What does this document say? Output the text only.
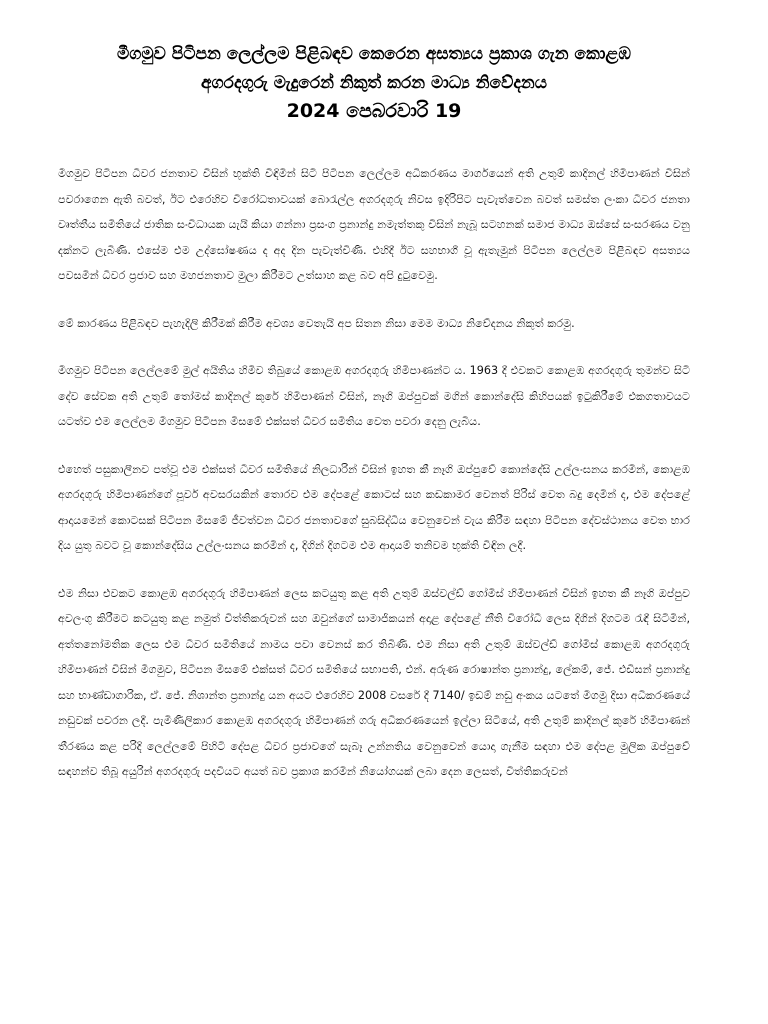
මීගමුව පිටිපන ලෙල්ලම පිළිබඳව කෙරෙන අසත්‍යය ප්‍රකාශ ගැන කොළඹ
අගරදගුරු මැදුරෙන් නිකුත් කරන මාධ්‍ය නිවේදනය
2024 පෙබරවාරි 19

මීගමුව පිටිපන ධීවර ජනතාව විසින් භුක්ති විඳිමින් සිටි පිටිපන ලෙල්ලම අධිකරණය මාර්ගයෙන් අති උතුම් කාදිනල් හිමිපාණන් විසින් පවරාගෙන ඇති බවත්, ඊට එරෙහිව විරෝධතාවයක් බොරැල්ල අගරදගුරු නිවස ඉදිරිපිට පැවැත්වෙන බවත් සමස්ත ලංකා ධීවර ජනතා වෘත්තීය සමිතියේ ජාතික සංවිධායක යැයි කියා ගන්නා ප්‍රසංග ප්‍රනාන්දු නමැත්තකු විසින් නැබූ සටහනක් සමාජ මාධ්‍ය ඔස්සේ සංසරණය වනු දක්නට ලැබිණි. එසේම එම උද්ඝෝෂණය ද අද දින පැවැත්විණි. එහිදී ඊට සහභාගී වූ ඇතැමුන් පිටිපන ලෙල්ලම පිළිබඳව අසත්‍යය පවසමින් ධීවර ප්‍රජාව සහ මහජනතාව මුලා කිරීමට උත්සාහ කළ බව අපි දුටුවෙමු.

මේ කාරණය පිළිබඳව පැහැදිලි කිරීමක් කිරීම අවශ්‍ය වෙතැයි අප සිතන නිසා මෙම මාධ්‍ය නිවේදනය නිකුත් කරමු.

මීගමුව පිටිපන ලෙල්ලමේ මුල් අයිතිය හිමිව තිබුයේ කොළඹ අගරදගුරු හිමිපාණන්ට ය. 1963 දී එවකට කොළඹ අගරදගුරු තුමන්ව සිටි දේව සේවක අති උතුම් තෝමස් කාදිනල් කුරේ හිමිපාණන් විසින්, නෑගි ඔප්පුවක් මගින් කොන්දේසි කිහිපයක් ඉටුකිරීමේ එකගතාවයට යටත්ව එම ලෙල්ලම මීගමුව පිටිපන මීසමේ එක්සත් ධීවර සමිතිය වෙත පවරා දෙනු ලැබිය.

එහෙත් පසුකාලීනව පත්වූ එම එක්සත් ධීවර සමිතියේ නිලධාරින් විසින් ඉහත කී නෑගි ඔප්පුවේ කොන්දේසි උල්ලංඝනය කරමින්, කොළඹ අගරදගුරු හිමිපාණන්ගේ පූර්ව අවසරයකින් තොරව එම දේපළේ කොටස් සහ කඩකාමර වෙනත් පිරිස් වෙත බදු දෙමින් ද, එම දේපළේ ආදායමෙන් කොටසක් පිටිපන මීසමේ ජීවත්වන ධීවර ජනතාවගේ සුබසිද්ධිය වෙනුවෙන් වැය කිරීම සඳහා පිටිපන දේවස්ථානය වෙත භාර දිය යුතු බවට වූ කොන්දේසිය උල්ලංඝනය කරමින් ද, දිගින් දිගටම එම ආදායම් තනිවම භුක්ති විඳින ලදී.

එම නිසා එවකට කොළඹ අගරදගුරු හිමිපාණන් ලෙස කටයුතු කළ අති උතුම් ඔස්වල්ඩ් ගෝමිස් හිමිපාණන් විසින් ඉහත කී නෑගි ඔප්පුව අවලංගු කිරීමට කටයුතු කළ නමුත් විත්තිකරුවන් සහ ඔවුන්ගේ සාමාජිකයන් අදාළ දේපළේ නීති විරෝධී ලෙස දිගින් දිගටම රැඳී සිටිමින්, අත්තනෝමතික ලෙස එම ධීවර සමිතියේ නාමය පවා වෙනස් කර තිබිණි. එම නිසා අති උතුම් ඔස්වල්ඩ් ගෝමිස් කොළඹ අගරදගුරු හිමිපාණන් විසින් මීගමුව, පිටිපන මීසමේ එක්සත් ධීවර සමිතියේ සභාපති, එන්. අරුණ රොෂාන්ත ප්‍රනාන්දු, ලේකම්, ජේ. එඩිසන් ප්‍රනාන්දු සහ භාණ්ඩාගාරික, ඒ. ජේ. නිශාන්ත ප්‍රනාන්දු යන අයට එරෙහිව 2008 වසරේ දී 7140/ ඉඩම් නඩු අංකය යටතේ මීගමු දිසා අධිකරණයේ නඩුවක් පවරන ලදී. පැමිණිලිකාර කොළඹ අගරදගුරු හිමිපාණන් ගරු අධිකරණයෙන් ඉල්ලා සිටියේ, අති උතුම් කාදිනල් කුරේ හිමිපාණන් තීරණය කළ පරිදි ලෙල්ලමේ පිහිටි දේපළ ධීවර ප්‍රජාවගේ සැබෑ උන්නතිය වෙනුවෙන් යොදා ගැනීම සඳහා එම දේපළ මුලික ඔප්පුවේ සඳහන්ව තිබූ අයුරින් අගරදගුරු පදවියට අයත් බව ප්‍රකාශ කරමින් නියෝගයක් ලබා දෙන ලෙසත්, විත්තිකරුවන්
